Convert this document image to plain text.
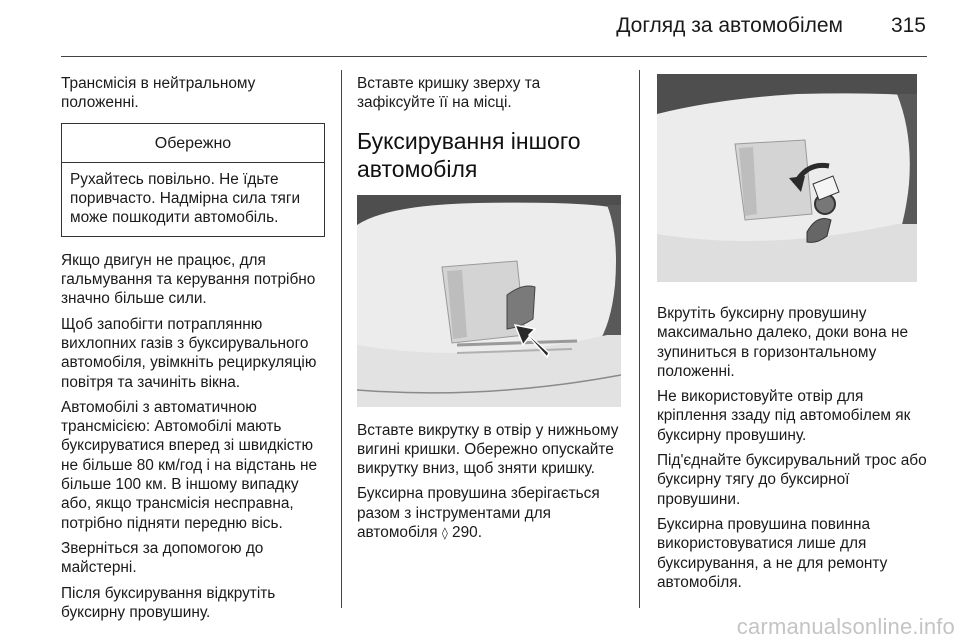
Догляд за автомобілем	315

Трансмісія в нейтральному положенні.

Обережно
Рухайтесь повільно. Не їдьте поривчасто. Надмірна сила тяги може пошкодити автомобіль.

Якщо двигун не працює, для гальмування та керування потрібно значно більше сили.

Щоб запобігти потраплянню вихлопних газів з буксирувального автомобіля, увімкніть рециркуляцію повітря та зачиніть вікна.

Автомобілі з автоматичною трансмісією: Автомобілі мають буксируватися вперед зі швидкістю не більше 80 км/год і на відстань не більше 100 км. В іншому випадку або, якщо трансмісія несправна, потрібно підняти передню вісь.

Зверніться за допомогою до майстерні.

Після буксирування відкрутіть буксирну провушину.

Вставте кришку зверху та зафіксуйте її на місці.

Буксирування іншого автомобіля

Вставте викрутку в отвір у нижньому вигині кришки. Обережно опускайте викрутку вниз, щоб зняти кришку.

Буксирна провушина зберігається разом з інструментами для автомобіля ◊ 290.

Вкрутіть буксирну провушину максимально далеко, доки вона не зупиниться в горизонтальному положенні.

Не використовуйте отвір для кріплення ззаду під автомобілем як буксирну провушину.

Під'єднайте буксирувальний трос або буксирну тягу до буксирної провушини.

Буксирна провушина повинна використовуватися лише для буксирування, а не для ремонту автомобіля.

carmanualsonline.info
